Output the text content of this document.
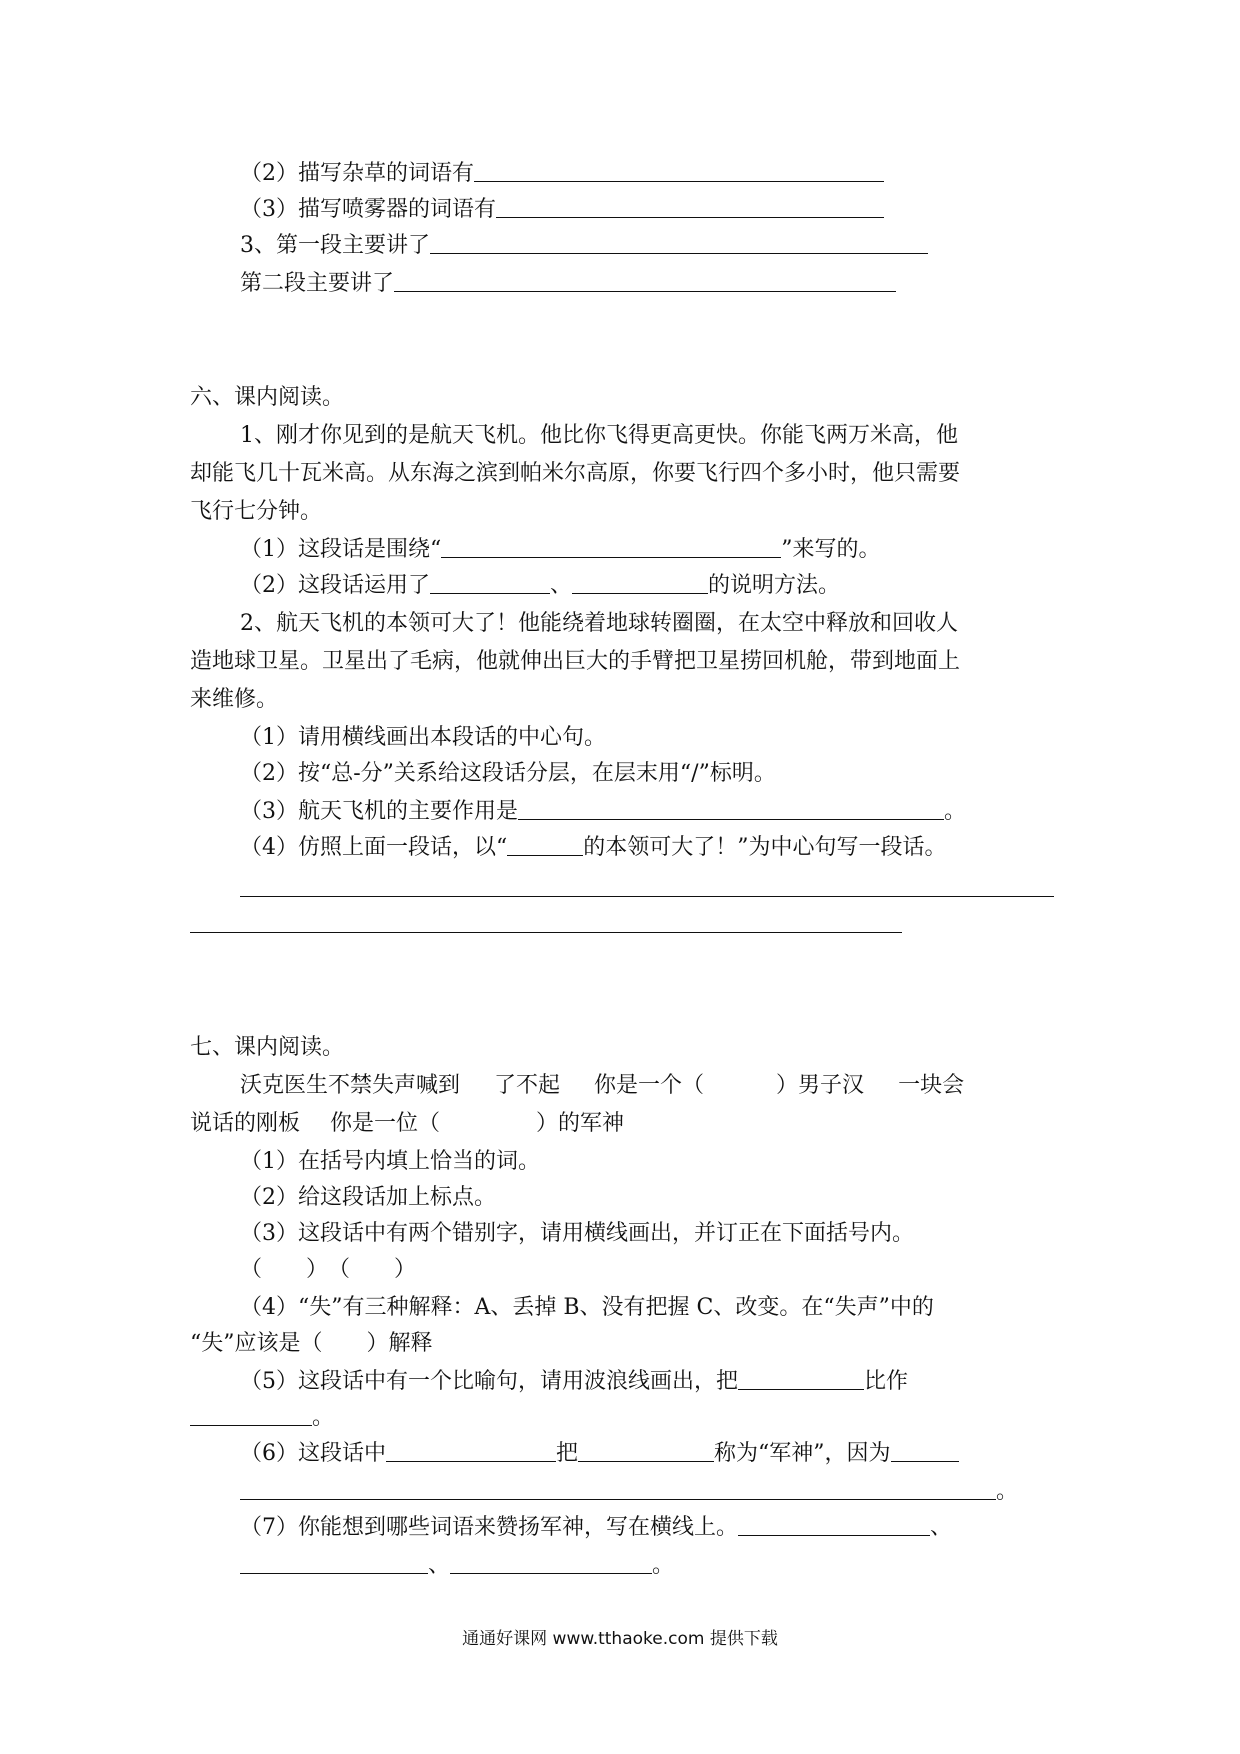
（2）描写杂草的词语有
（3）描写喷雾器的词语有
3、第一段主要讲了
第二段主要讲了
六、课内阅读。
1、刚才你见到的是航天飞机。他比你飞得更高更快。你能飞两万米高，他
却能飞几十瓦米高。从东海之滨到帕米尔高原，你要飞行四个多小时，他只需要
飞行七分钟。
（1）这段话是围绕“	”来写的。
（2）这段话运用了	、	的说明方法。
2、航天飞机的本领可大了！他能绕着地球转圈圈，在太空中释放和回收人
造地球卫星。卫星出了毛病，他就伸出巨大的手臂把卫星捞回机舱，带到地面上
来维修。
（1）请用横线画出本段话的中心句。
（2）按“总-分”关系给这段话分层，在层末用“/”标明。
（3）航天飞机的主要作用是	。
（4）仿照上面一段话，以“	的本领可大了！”为中心句写一段话。
七、课内阅读。
沃克医生不禁失声喊到 了不起 你是一个（	）男子汉 一块会
说话的刚板 你是一位（	）的军神
（1）在括号内填上恰当的词。
（2）给这段话加上标点。
（3）这段话中有两个错别字，请用横线画出，并订正在下面括号内。
（　　）　（　　）
（4）“失”有三种解释：A、丢掉 B、没有把握 C、改变。在“失声”中的
“失”应该是（　　）解释
（5）这段话中有一个比喻句，请用波浪线画出，把	比作
。
（6）这段话中	把	称为“军神”，因为
。
（7）你能想到哪些词语来赞扬军神，写在横线上。	、
、	。
通通好课网 www.tthaoke.com 提供下载
